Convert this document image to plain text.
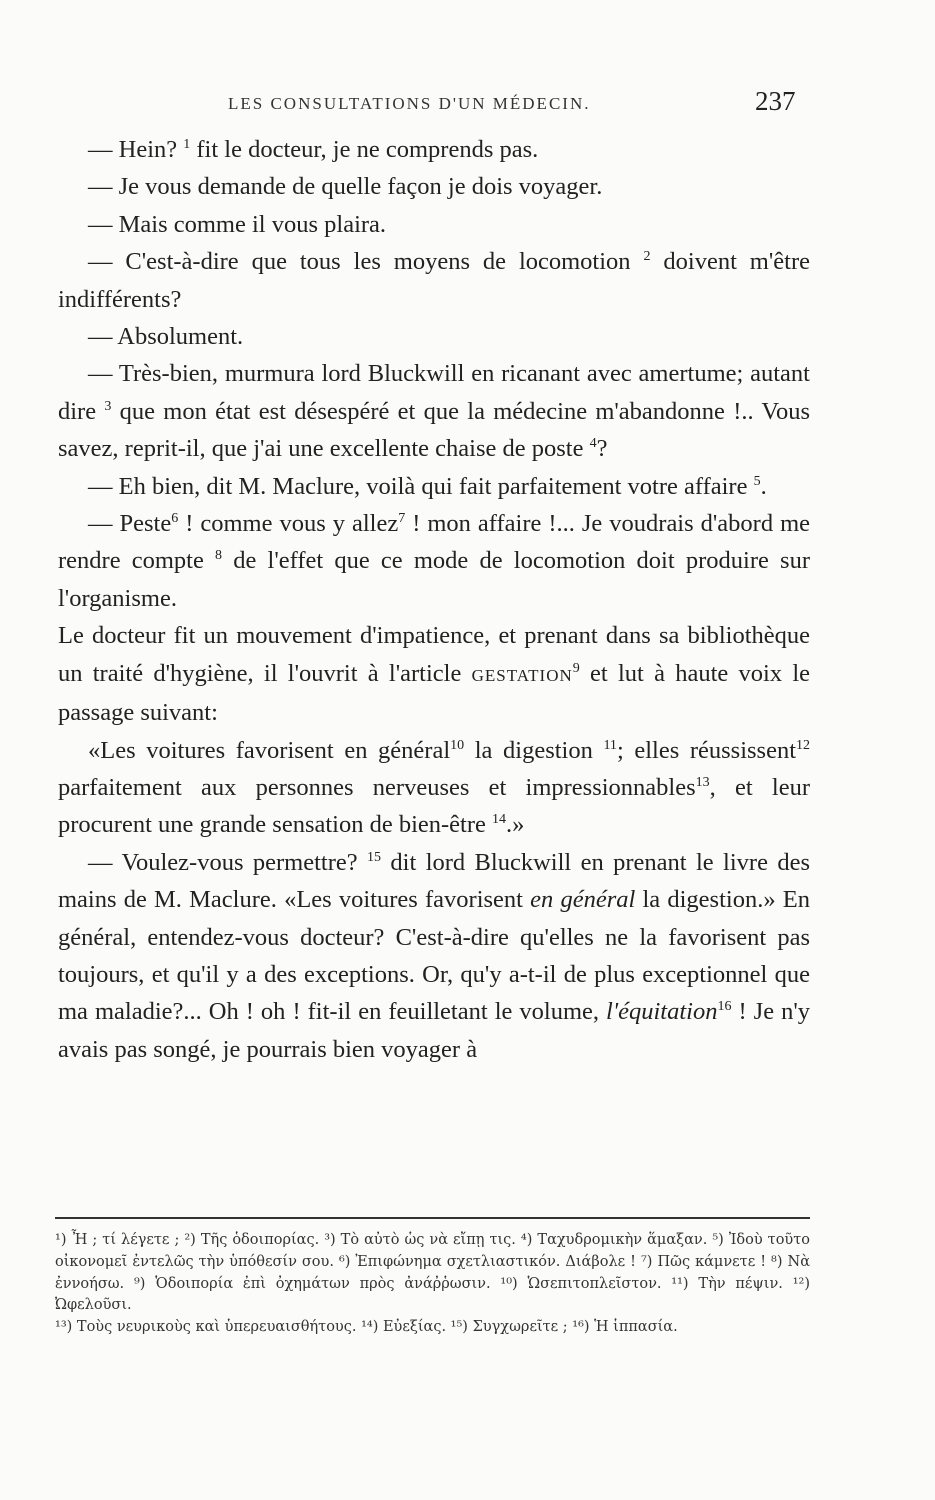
LES CONSULTATIONS D'UN MÉDECIN.	237

— Hein? $^1$ fit le docteur, je ne comprends pas.

— Je vous demande de quelle façon je dois voyager.

— Mais comme il vous plaira.

— C'est-à-dire que tous les moyens de locomotion $^2$ doivent m'être indifférents?

— Absolument.

— Très-bien, murmura lord Bluckwill en ricanant avec amertume; autant dire $^3$ que mon état est désespéré et que la médecine m'abandonne !.. Vous savez, reprit-il, que j'ai une excellente chaise de poste $^4$?

— Eh bien, dit M. Maclure, voilà qui fait parfaitement votre affaire $^5$.

— Peste$^6$ ! comme vous y allez$^7$ ! mon affaire !... Je voudrais d'abord me rendre compte $^8$ de l'effet que ce mode de locomotion doit produire sur l'organisme.

Le docteur fit un mouvement d'impatience, et prenant dans sa bibliothèque un traité d'hygiène, il l'ouvrit à l'article GESTATION$^9$ et lut à haute voix le passage suivant:

«Les voitures favorisent en général$^{10}$ la digestion $^{11}$; elles réussissent$^{12}$ parfaitement aux personnes nerveuses et impressionnables$^{13}$, et leur procurent une grande sensation de bien-être $^{14}$.»

— Voulez-vous permettre? $^{15}$ dit lord Bluckwill en prenant le livre des mains de M. Maclure. «Les voitures favorisent en général la digestion.» En général, entendez-vous docteur? C'est-à-dire qu'elles ne la favorisent pas toujours, et qu'il y a des exceptions. Or, qu'y a-t-il de plus exceptionnel que ma maladie?... Oh ! oh ! fit-il en feuilletant le volume, l'équitation$^{16}$ ! Je n'y avais pas songé, je pourrais bien voyager à

¹) Ἦ ; τί λέγετε ; ²) Τῆς ὁδοιπορίας. ³) Τὸ αὐτὸ ὡς νὰ εἴπῃ τις. ⁴) Ταχυδρομικὴν ἅμαξαν. ⁵) Ἰδοὺ τοῦτο οἰκονομεῖ ἐντελῶς τὴν ὑπόθεσίν σου. ⁶) Ἐπιφώνημα σχετλιαστικόν. Διάβολε ! ⁷) Πῶς κάμνετε ! ⁸) Νὰ ἐννοήσω. ⁹) Ὁδοιπορία ἐπὶ ὀχημάτων πρὸς ἀνάῤῥωσιν. ¹⁰) Ὡσεπιτοπλεῖστον. ¹¹) Τὴν πέψιν. ¹²) Ὠφελοῦσι.
¹³) Τοὺς νευρικοὺς καὶ ὑπερευαισθήτους. ¹⁴) Εὐεξίας. ¹⁵) Συγχωρεῖτε ; ¹⁶) Ἡ ἱππασία.
